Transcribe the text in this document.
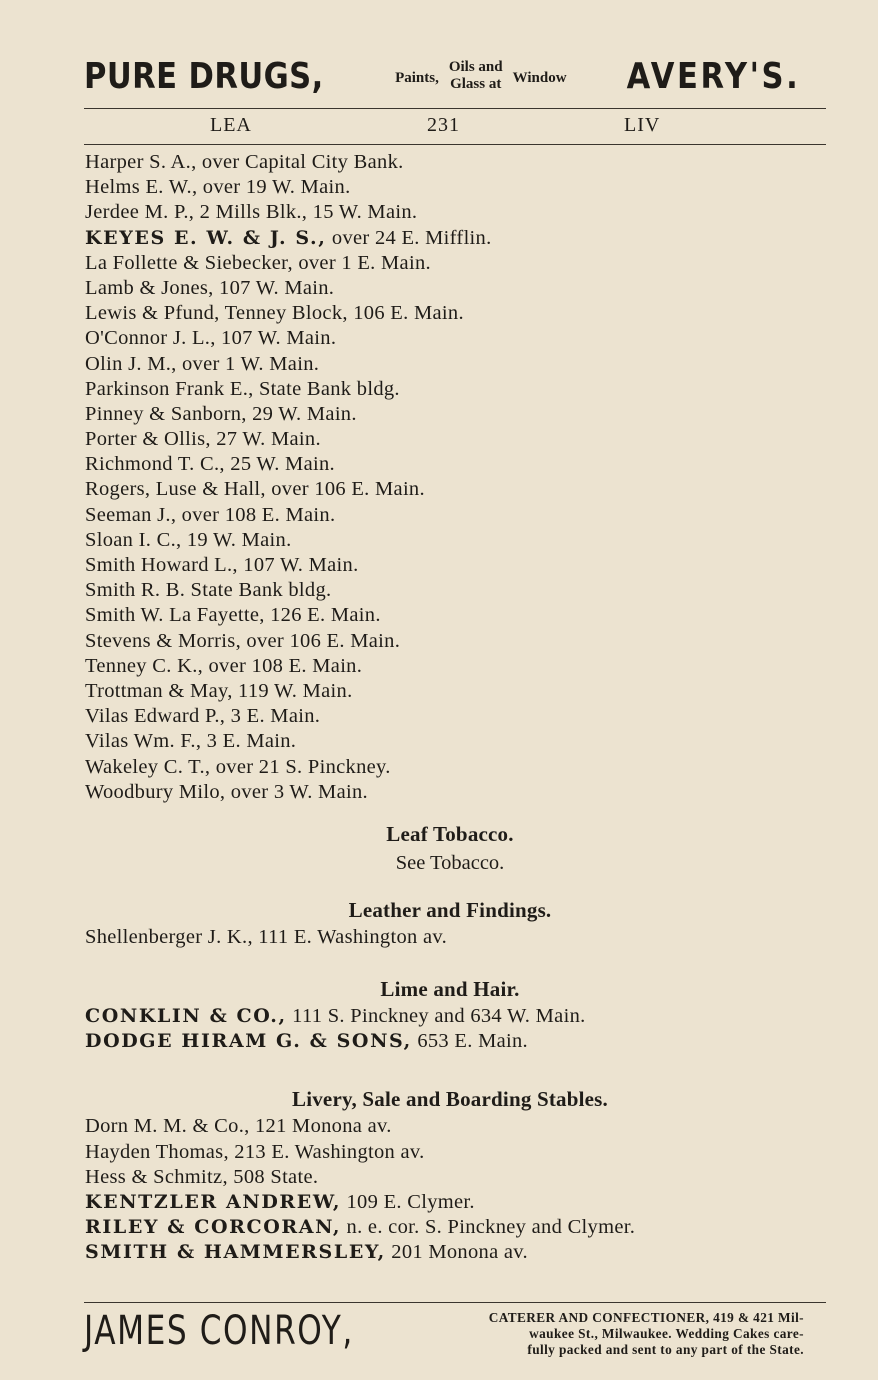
PURE DRUGS,	Paints,
Oils and
Glass at Window AVERY'S.
LEA	231	LIV
Harper S. A., over Capital City Bank.
Helms E. W., over 19 W. Main.
Jerdee M. P., 2 Mills Blk., 15 W. Main.
KEYES E. W. & J. S., over 24 E. Mifflin.
La Follette & Siebecker, over 1 E. Main.
Lamb & Jones, 107 W. Main.
Lewis & Pfund, Tenney Block, 106 E. Main.
O'Connor J. L., 107 W. Main.
Olin J. M., over 1 W. Main.
Parkinson Frank E., State Bank bldg.
Pinney & Sanborn, 29 W. Main.
Porter & Ollis, 27 W. Main.
Richmond T. C., 25 W. Main.
Rogers, Luse & Hall, over 106 E. Main.
Seeman J., over 108 E. Main.
Sloan I. C., 19 W. Main.
Smith Howard L., 107 W. Main.
Smith R. B. State Bank bldg.
Smith W. La Fayette, 126 E. Main.
Stevens & Morris, over 106 E. Main.
Tenney C. K., over 108 E. Main.
Trottman & May, 119 W. Main.
Vilas Edward P., 3 E. Main.
Vilas Wm. F., 3 E. Main.
Wakeley C. T., over 21 S. Pinckney.
Woodbury Milo, over 3 W. Main.
Leaf Tobacco.
See Tobacco.
Leather and Findings.
Shellenberger J. K., 111 E. Washington av.
Lime and Hair.
CONKLIN & CO., 111 S. Pinckney and 634 W. Main.
DODGE HIRAM G. & SONS, 653 E. Main.
Livery, Sale and Boarding Stables.
Dorn M. M. & Co., 121 Monona av.
Hayden Thomas, 213 E. Washington av.
Hess & Schmitz, 508 State.
KENTZLER ANDREW, 109 E. Clymer.
RILEY & CORCORAN, n. e. cor. S. Pinckney and Clymer.
SMITH & HAMMERSLEY, 201 Monona av.
JAMES CONROY,	CATERER AND CONFECTIONER, 419 & 421 Mil-
waukee St., Milwaukee. Wedding Cakes care-
fully packed and sent to any part of the State.
